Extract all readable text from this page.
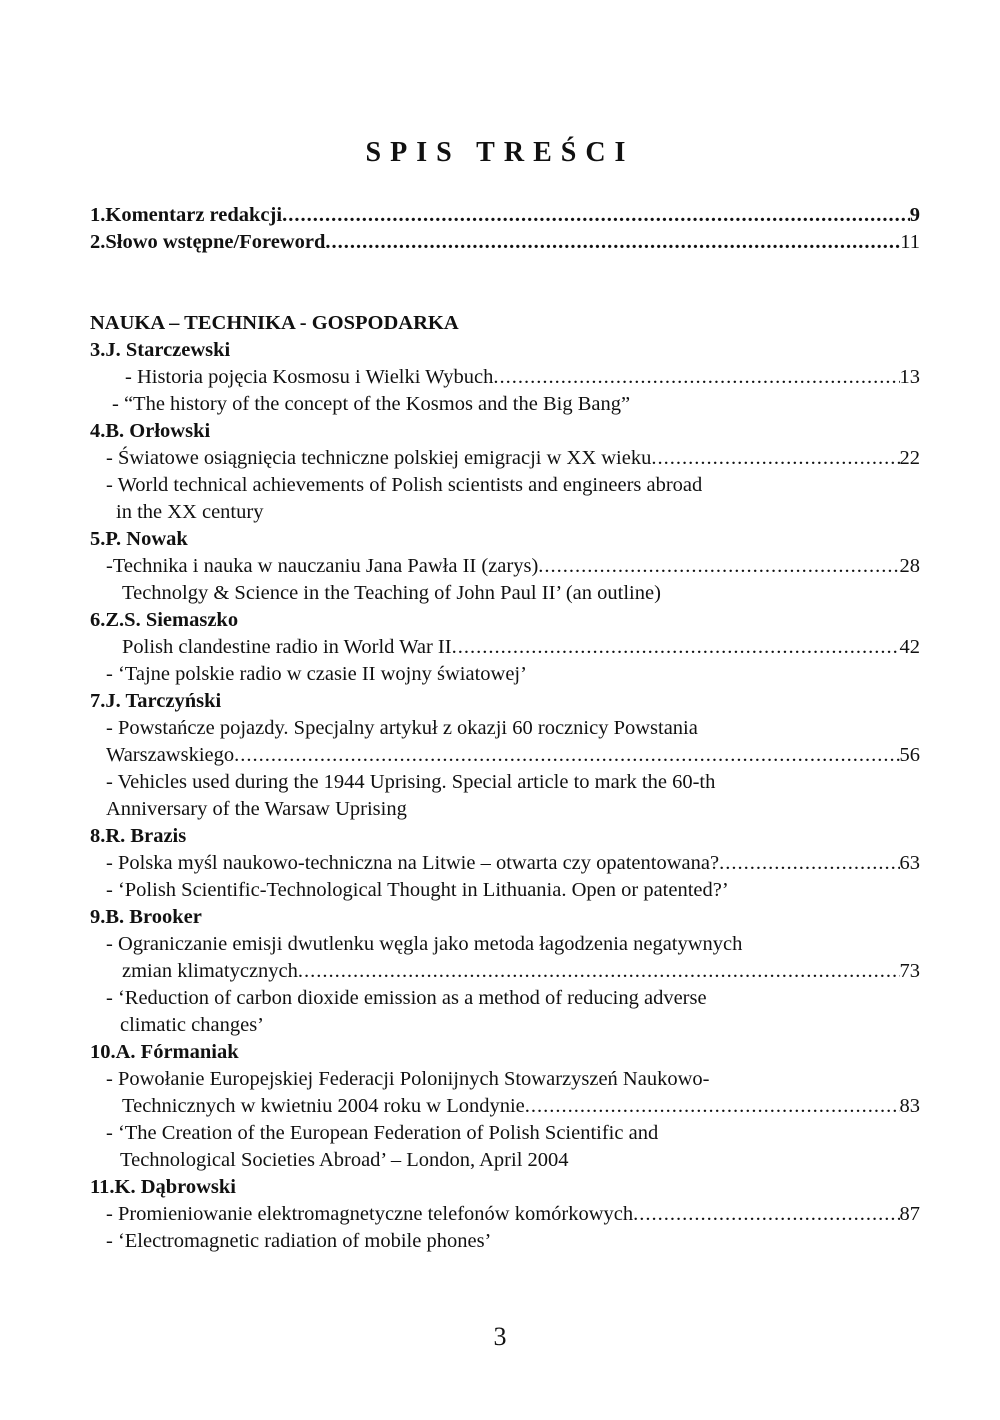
SPIS TREŚCI
1.Komentarz redakcji .....	9
2.Słowo wstępne/Foreword .....	11
NAUKA – TECHNIKA - GOSPODARKA
3.J. Starczewski
- Historia pojęcia Kosmosu i Wielki Wybuch .....	13
- “The history of the concept of the Kosmos and the Big Bang”
4.B. Orłowski
- Światowe osiągnięcia techniczne polskiej emigracji w XX wieku .....	22
- World technical achievements of Polish scientists and engineers abroad
in the XX century
5.P. Nowak
-Technika i nauka w nauczaniu Jana Pawła II (zarys) .....	28
Technolgy & Science in the Teaching of John Paul II’ (an outline)
6.Z.S. Siemaszko
Polish clandestine radio in World War II .....	42
- ‘Tajne polskie radio w czasie II wojny światowej’
7.J. Tarczyński
- Powstańcze pojazdy. Specjalny artykuł z okazji 60 rocznicy Powstania
Warszawskiego .....	56
- Vehicles used during the 1944 Uprising. Special article to mark the 60-th
Anniversary of the Warsaw Uprising
8.R. Brazis
- Polska myśl naukowo-techniczna na Litwie – otwarta czy opatentowana? .....	63
- ‘Polish Scientific-Technological Thought in Lithuania. Open or patented?’
9.B. Brooker
- Ograniczanie emisji dwutlenku węgla jako metoda łagodzenia negatywnych
zmian klimatycznych .....	73
- ‘Reduction of carbon dioxide emission as a method of reducing adverse
climatic changes’
10.A. Fórmaniak
- Powołanie Europejskiej Federacji Polonijnych Stowarzyszeń Naukowo-
Technicznych w kwietniu 2004 roku w Londynie .....	83
- ‘The Creation of the European Federation of Polish Scientific and
Technological Societies Abroad’ – London, April 2004
11.K. Dąbrowski
- Promieniowanie elektromagnetyczne telefonów komórkowych .....	87
- ‘Electromagnetic radiation of mobile phones’
3
